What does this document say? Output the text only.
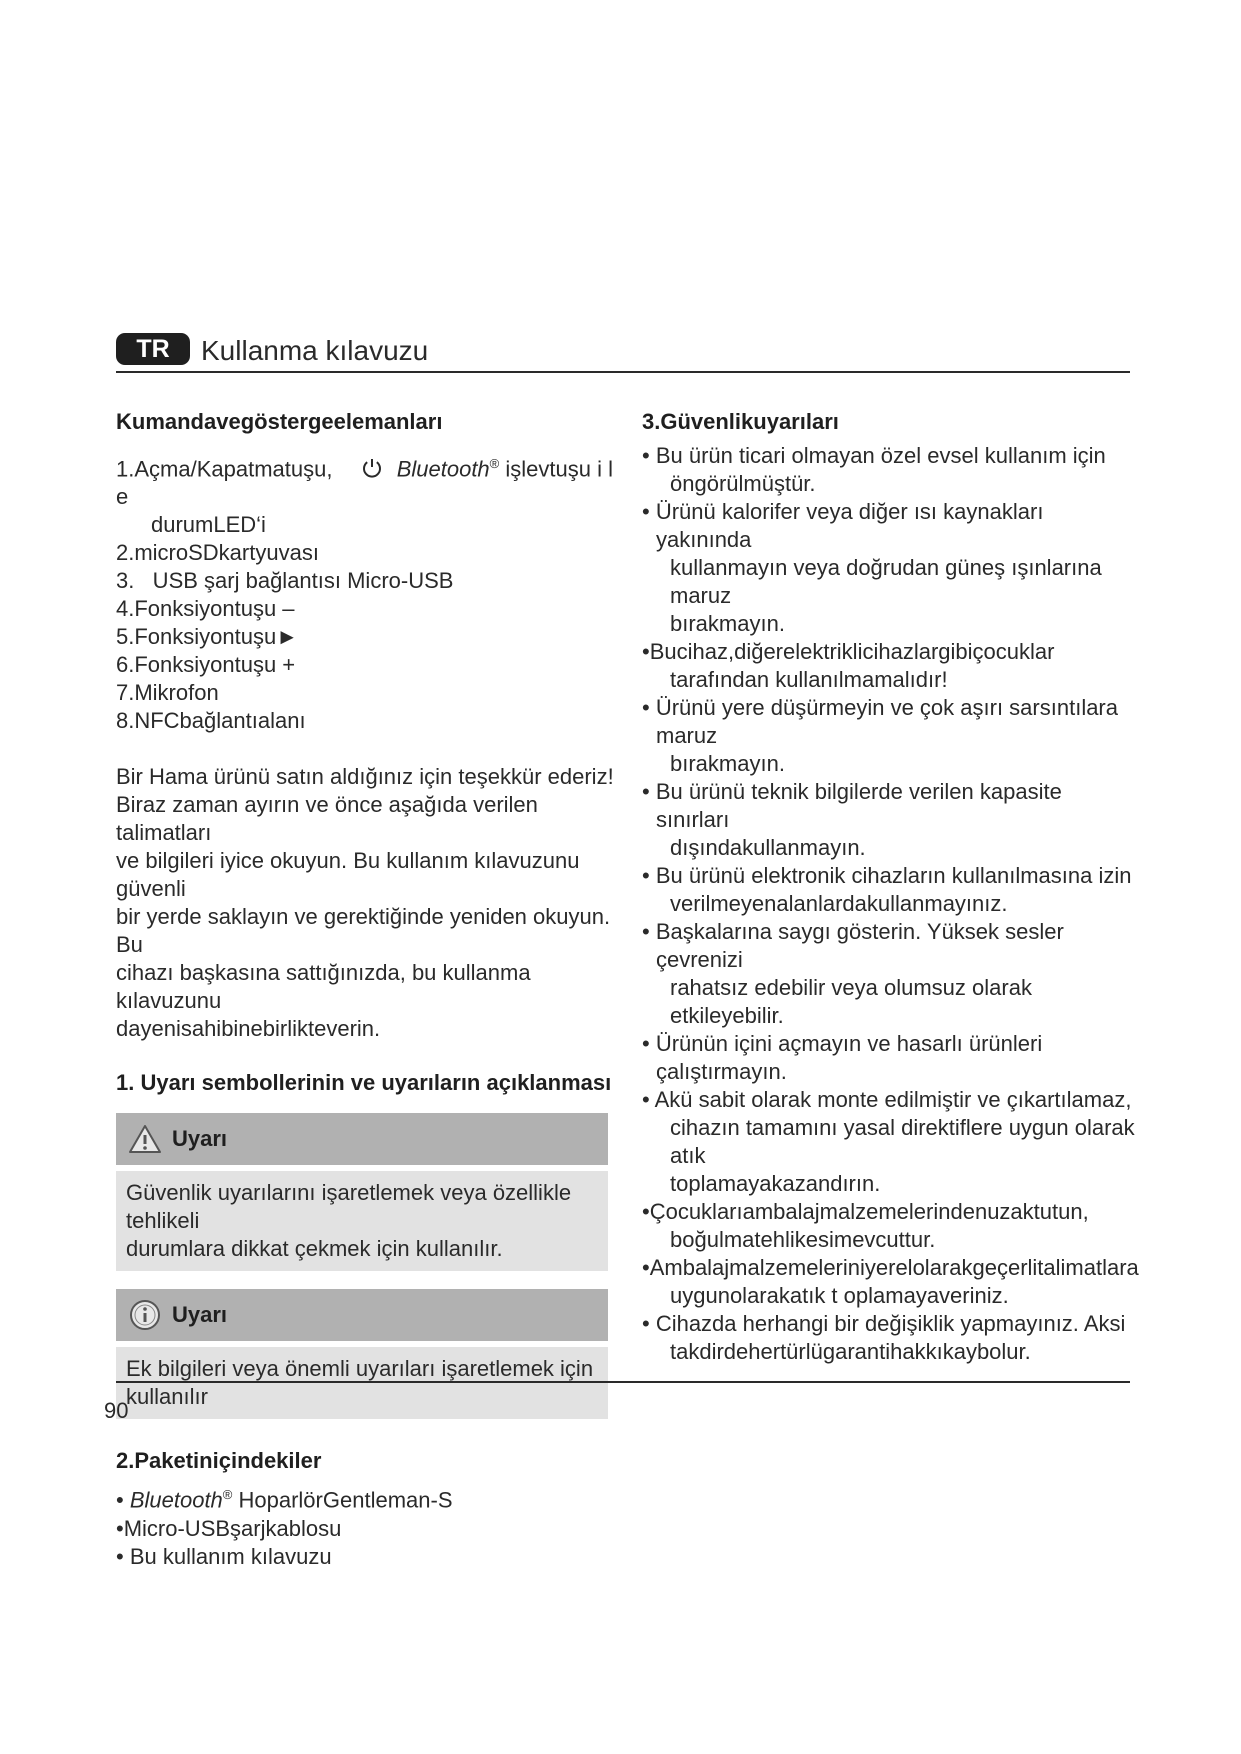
TR	Kullanma kılavuzu
Kumandavegöstergeelemanları
1.Açma/Kapatmatuşu,	Bluetooth® işlevtuşu i l e
durumLED‘i
2.microSDkartyuvası
3.   USB şarj bağlantısı Micro-USB
4.Fonksiyontuşu –
5.Fonksiyontuşu►
6.Fonksiyontuşu +
7.Mikrofon
8.NFCbağlantıalanı
Bir Hama ürünü satın aldığınız için teşekkür ederiz!
Biraz zaman ayırın ve önce aşağıda verilen talimatları
ve bilgileri iyice okuyun. Bu kullanım kılavuzunu güvenli
bir yerde saklayın ve gerektiğinde yeniden okuyun. Bu
cihazı başkasına sattığınızda, bu kullanma kılavuzunu
dayenisahibinebirlikteverin.
1. Uyarı sembollerinin ve uyarıların açıklanması
Uyarı
Güvenlik uyarılarını işaretlemek veya özellikle tehlikeli
durumlara dikkat çekmek için kullanılır.
Uyarı
Ek bilgileri veya önemli uyarıları işaretlemek için
kullanılır
2.Paketiniçindekiler
• Bluetooth® HoparlörGentleman-S
•Micro-USBşarjkablosu
• Bu kullanım kılavuzu
3.Güvenlikuyarıları
• Bu ürün ticari olmayan özel evsel kullanım için
öngörülmüştür.
• Ürünü kalorifer veya diğer ısı kaynakları yakınında
kullanmayın veya doğrudan güneş ışınlarına maruz
bırakmayın.
•Bucihaz,diğerelektriklicihazlargibiçocuklar
tarafından kullanılmamalıdır!
• Ürünü yere düşürmeyin ve çok aşırı sarsıntılara maruz
bırakmayın.
• Bu ürünü teknik bilgilerde verilen kapasite sınırları
dışındakullanmayın.
• Bu ürünü elektronik cihazların kullanılmasına izin
verilmeyenalanlardakullanmayınız.
• Başkalarına saygı gösterin. Yüksek sesler çevrenizi
rahatsız edebilir veya olumsuz olarak etkileyebilir.
• Ürünün içini açmayın ve hasarlı ürünleri çalıştırmayın.
• Akü sabit olarak monte edilmiştir ve çıkartılamaz,
cihazın tamamını yasal direktiflere uygun olarak atık
toplamayakazandırın.
•Çocuklarıambalajmalzemelerindenuzaktutun,
boğulmatehlikesimevcuttur.
•Ambalajmalzemeleriniyerelolarakgeçerlitalimatlara
uygunolarakatık t oplamayaveriniz.
• Cihazda herhangi bir değişiklik yapmayınız. Aksi
takdirdehertürlügarantihakkıkaybolur.
90
